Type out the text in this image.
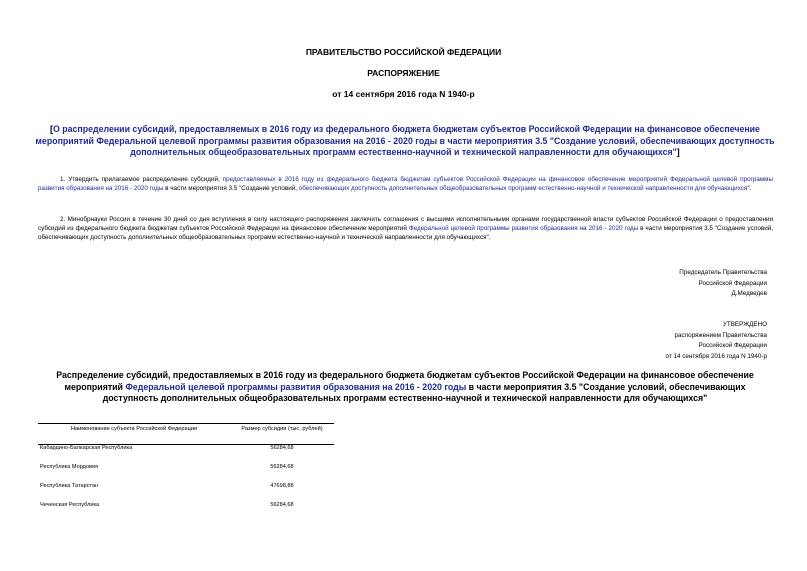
ПРАВИТЕЛЬСТВО РОССИЙСКОЙ ФЕДЕРАЦИИ
РАСПОРЯЖЕНИЕ
от 14 сентября 2016 года N 1940-р
[О распределении субсидий, предоставляемых в 2016 году из федерального бюджета бюджетам субъектов Российской Федерации на финансовое обеспечение мероприятий Федеральной целевой программы развития образования на 2016 - 2020 годы в части мероприятия 3.5 "Создание условий, обеспечивающих доступность дополнительных общеобразовательных программ естественно-научной и технической направленности для обучающихся"]
1. Утвердить прилагаемое распределение субсидий, предоставляемых в 2016 году из федерального бюджета бюджетам субъектов Российской Федерации на финансовое обеспечение мероприятий Федеральной целевой программы развития образования на 2016 - 2020 годы в части мероприятия 3.5 "Создание условий, обеспечивающих доступность дополнительных общеобразовательных программ естественно-научной и технической направленности для обучающихся".
2. Минобрнауки России в течение 30 дней со дня вступления в силу настоящего распоряжения заключить соглашения с высшими исполнительными органами государственной власти субъектов Российской Федерации о предоставлении субсидий из федерального бюджета бюджетам субъектов Российской Федерации на финансовое обеспечение мероприятий Федеральной целевой программы развития образования на 2016 - 2020 годы в части мероприятия 3.5 "Создание условий, обеспечивающих доступность дополнительных общеобразовательных программ естественно-научной и технической направленности для обучающихся".
Председатель Правительства
Российской Федерации
Д.Медведев
УТВЕРЖДЕНО
распоряжением Правительства
Российской Федерации
от 14 сентября 2016 года N 1940-р
Распределение субсидий, предоставляемых в 2016 году из федерального бюджета бюджетам субъектов Российской Федерации на финансовое обеспечение мероприятий Федеральной целевой программы развития образования на 2016 - 2020 годы в части мероприятия 3.5 "Создание условий, обеспечивающих доступность дополнительных общеобразовательных программ естественно-научной и технической направленности для обучающихся"
Наименование субъекта Российской Федерации	Размер субсидии (тыс. рублей)
Кабардино-Балкарская Республика	56284,68
Республика Мордовия	56284,68
Республика Татарстан	47698,88
Чеченская Республика	56284,68
